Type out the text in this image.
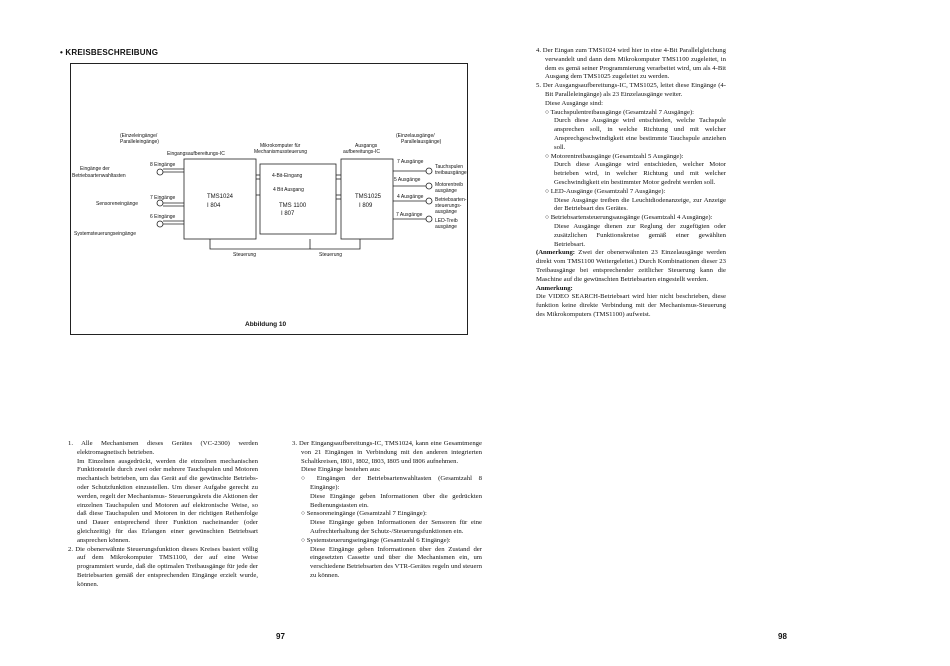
• KREISBESCHREIBUNG
(Einzeleingänge/
Paralleleingänge)
(Einzelausgänge/
Parallelausgänge)
Eingangsaufbereitungs-IC
Mikrokomputer für
Mechanismussteuerung
Ausgangs
aufbereitungs-IC
Eingänge der
Betriebsartenwahltasten
8 Eingänge
7 Eingänge
Sensoreneingänge
6 Eingänge
Systemsteuerungseingänge
4-Bit-Eingang
4 Bit Ausgang
7 Ausgänge
5 Ausgänge
4 Ausgänge
7 Ausgänge
Tauchspulen
treibausgänge
Motorentreib
ausgänge
Betriebsarten-
steuerungs-
ausgänge
LED-Treib
ausgänge
Steuerung	Steuerung
TMS1024
I 804	TMS 1100
I 807
TMS1025
I 809
Abbildung 10

1. Alle Mechanismen dieses Gerätes (VC-2300) werden elektromagnetisch betrieben.

Im Einzelnen ausgedrückt, werden die einzelnen mechanischen Funktionsteile durch zwei oder mehrere Tauchspulen und Motoren mechanisch betrieben, um das Gerät auf die gewünschte Betriebs- oder Schutzfunktion einzustellen. Um dieser Aufgabe gerecht zu werden, regelt der Mechanismus- Steuerungskreis die Aktionen der einzelnen Tauchspulen und Motoren auf elektronische Weise, so daß diese Tauchspulen und Motoren in der richtigen Reihenfolge und Dauer entsprechend ihrer Funktion nacheinander (oder gleichzeitig) für das Erlangen einer gewünschten Betriebsart ansprechen können.

2. Die obenerwähnte Steuerungsfunktion dieses Kreises basiert völlig auf dem Mikrokomputer TMS1100, der auf eine Weise programmiert wurde, daß die optimalen Treibausgänge für jede der Betriebsarten gemäß der entsprechenden Eingänge erzielt wurde, können.

97

3. Der Eingangsaufbereitungs-IC, TMS1024, kann eine Gesamtmenge von 21 Eingängen in Verbindung mit den anderen integrierten Schaltkreisen, I801, I802, I803, I805 und I806 aufnehmen.

Diese Eingänge bestehen aus:

○ Eingängen der Betriebsartenwahltasten (Gesamtzahl 8 Eingänge):

Diese Eingänge geben Informationen über die gedrückten Bedienungstasten ein.

○ Sensoreneingänge (Gesamtzahl 7 Eingänge):

Diese Eingänge geben Informationen der Sensoren für eine Aufrechterhaltung der Schutz-/Steuerungsfunktionen ein.

○ Systemsteuerungseingänge (Gesamtzahl 6 Eingänge):

Diese Eingänge geben Informationen über den Zustand der eingesetzten Cassette und über die Mechanismen ein, um verschiedene Betriebsarten des VTR-Gerätes regeln und steuern zu können.

4. Der Eingan zum TMS1024 wird hier in eine 4-Bit Parallelgleichung verwandelt und dann dem Mikrokomputer TMS1100 zugeleitet, in dem es gemä seiner Programmierung verarbeitet wird, um als 4-Bit Ausgang dem TMS1025 zugeleitet zu werden.

5. Der Ausgangsaufbereitungs-IC, TMS1025, leitet diese Eingänge (4-Bit Paralleleingänge) als 23 Einzelausgänge weiter.

Diese Ausgänge sind:

○ Tauchspulentreibausgänge (Gesamtzahl 7 Ausgänge):

Durch diese Ausgänge wird entschieden, welche Tachspule ansprechen soll, in welche Richtung und mit welcher Ansprechgeschwindigkeit eine bestimmte Tauchspule anziehen soll.

○ Motorentreibausgänge (Gesamtzahl 5 Ausgänge):

Durch diese Ausgänge wird entschieden, welcher Motor betrieben wird, in welcher Richtung und mit welcher Geschwindigkeit ein bestimmter Motor gedreht werden soll.

○ LED-Ausgänge (Gesamtzahl 7 Ausgänge):

Diese Ausgänge treiben die Leuchtdiodenanzeige, zur Anzeige der Betriebsart des Gerätes.

○ Betriebsartensteuerungsausgänge (Gesamtzahl 4 Ausgänge):

Diese Ausgänge dienen zur Reglung der zugefügten oder zusätzlichen Funktionskreise gemäß einer gewählten Betriebsart.

(Anmerkung: Zwei der obenerwähnten 23 Einzelausgänge werden direkt vom TMS1100 Weitergeleitet.) Durch Kombinationen dieser 23 Treibausgänge bei entsprechender zeitlicher Steuerung kann die Maschine auf die gewünschten Betriebsarten eingestellt werden.

Anmerkung:

Die VIDEO SEARCH-Betriebsart wird hier nicht beschrieben, diese funktion keine direkte Verbindung mit der Mechanismus-Steuerung des Mikrokomputers (TMS1100) aufweist.

98
